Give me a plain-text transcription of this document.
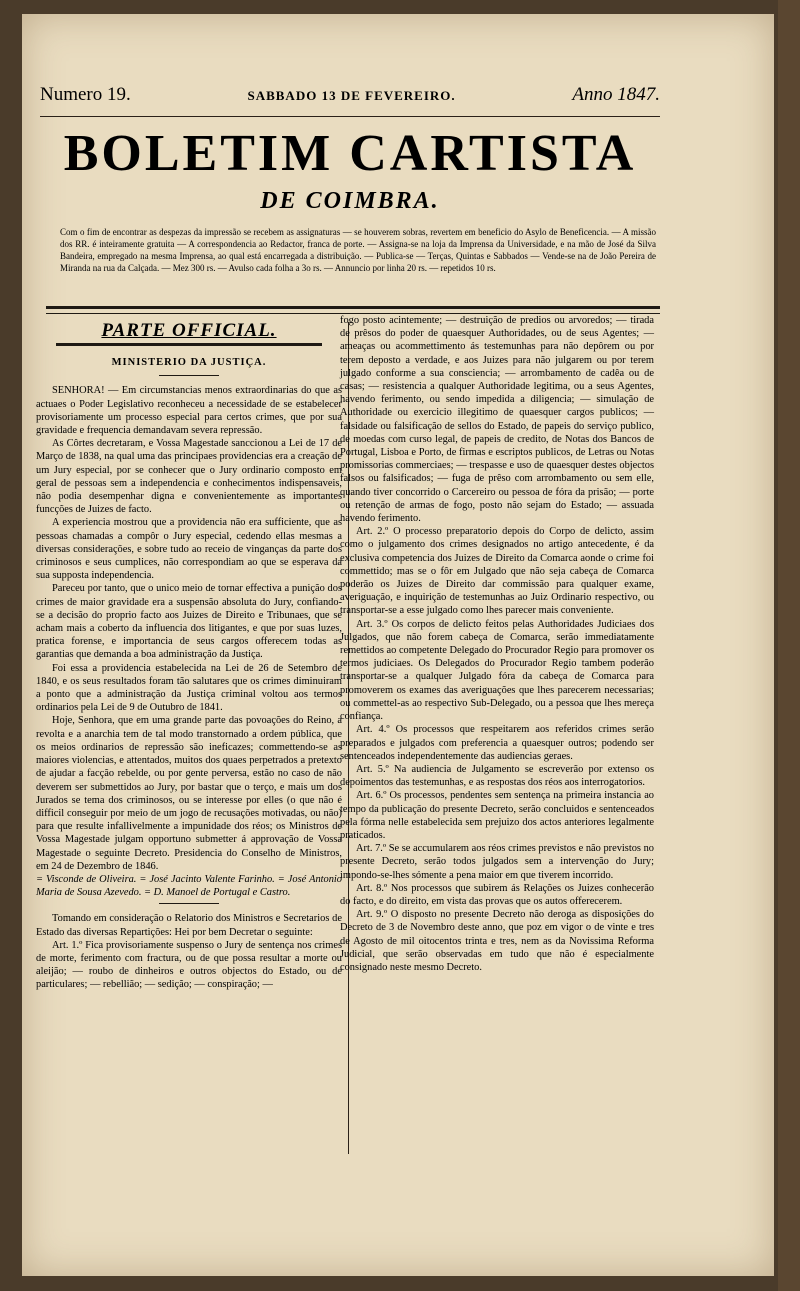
Numero 19.	SABBADO 13 DE FEVEREIRO.	Anno 1847.
BOLETIM CARTISTA
DE COIMBRA.
Com o fim de encontrar as despezas da impressão se recebem as assignaturas — se houverem sobras, revertem em beneficio do Asylo de Beneficencia. — A missão dos RR. é inteiramente gratuita — A correspondencia ao Redactor, franca de porte. — Assigna-se na loja da Imprensa da Universidade, e na mão de José da Silva Bandeira, empregado na mesma Imprensa, ao qual está encarregada a distribuição. — Publica-se — Terças, Quintas e Sabbados — Vende-se na de João Pereira de Miranda na rua da Calçada. — Mez 300 rs. — Avulso cada folha a 3o rs. — Annuncio por linha 20 rs. — repetidos 10 rs.
PARTE OFFICIAL.
MINISTERIO DA JUSTIÇA.

SENHORA! — Em circumstancias menos extraordinarias do que as actuaes o Poder Legislativo reconheceu a necessidade de se estabelecer provisoriamente um processo especial para certos crimes, que por sua gravidade e frequencia demandavam severa repressão.

As Côrtes decretaram, e Vossa Magestade sanccionou a Lei de 17 de Março de 1838, na qual uma das principaes providencias era a creação de um Jury especial, por se conhecer que o Jury ordinario composto em geral de pessoas sem a independencia e conhecimentos indispensaveis, não podia desempenhar digna e convenientemente as importantes funcções de Juizes de facto.

A experiencia mostrou que a providencia não era sufficiente, que as pessoas chamadas a compôr o Jury especial, cedendo ellas mesmas a diversas considerações, e sobre tudo ao receio de vinganças da parte dos criminosos e seus cumplices, não correspondiam ao que se esperava da sua supposta independencia.

Pareceu por tanto, que o unico meio de tornar effectiva a punição dos crimes de maior gravidade era a suspensão absoluta do Jury, confiando-se a decisão do proprio facto aos Juizes de Direito e Tribunaes, que se acham mais a coberto da influencia dos litigantes, e que por suas luzes, pratica forense, e importancia de seus cargos offerecem todas as garantias que demanda a boa administração da Justiça.

Foi essa a providencia estabelecida na Lei de 26 de Setembro de 1840, e os seus resultados foram tão salutares que os crimes diminuiram a ponto que a administração da Justiça criminal voltou aos termos ordinarios pela Lei de 9 de Outubro de 1841.

Hoje, Senhora, que em uma grande parte das povoações do Reino, a revolta e a anarchia tem de tal modo transtornado a ordem pública, que os meios ordinarios de repressão são ineficazes; commettendo-se as maiores violencias, e attentados, muitos dos quaes perpetrados a pretexto de ajudar a facção rebelde, ou por gente perversa, estão no caso de não deverem ser submettidos ao Jury, por bastar que o terço, e mais um dos Jurados se tema dos criminosos, ou se interesse por elles (o que não é difficil conseguir por meio de um jogo de recusações motivadas, ou não) para que resulte infallivelmente a impunidade dos réos; os Ministros de Vossa Magestade julgam opportuno submetter á approvação de Vossa Magestade o seguinte Decreto. Presidencia do Conselho de Ministros, em 24 de Dezembro de 1846.

= Visconde de Oliveira. = José Jacinto Valente Farinho. = José Antonio Maria de Sousa Azevedo. = D. Manoel de Portugal e Castro.

Tomando em consideração o Relatorio dos Ministros e Secretarios de Estado das diversas Repartições: Hei por bem Decretar o seguinte:

Art. 1.º Fica provisoriamente suspenso o Jury de sentença nos crimes de morte, ferimento com fractura, ou de que possa resultar a morte ou aleijão; — roubo de dinheiros e outros objectos do Estado, ou de particulares; — rebellião; — sedição; — conspiração; —

fogo posto acintemente; — destruição de predios ou arvoredos; — tirada de prêsos do poder de quaesquer Authoridades, ou de seus Agentes; — ameaças ou acommettimento ás testemunhas para não depôrem ou por terem deposto a verdade, e aos Juizes para não julgarem ou por terem julgado conforme a sua consciencia; — arrombamento de cadêa ou de casas; — resistencia a qualquer Authoridade legitima, ou a seus Agentes, havendo ferimento, ou sendo impedida a diligencia; — simulação de Authoridade ou exercicio illegitimo de quaesquer cargos publicos; — falsidade ou falsificação de sellos do Estado, de papeis do serviço publico, de moedas com curso legal, de papeis de credito, de Notas dos Bancos de Portugal, Lisboa e Porto, de firmas e escriptos publicos, de Letras ou Notas promissorias commerciaes; — trespasse e uso de quaesquer destes objectos falsos ou falsificados; — fuga de prêso com arrombamento ou sem elle, quando tiver concorrido o Carcereiro ou pessoa de fóra da prisão; — porte ou retenção de armas de fogo, posto não sejam do Estado; — assuada havendo ferimento.

Art. 2.º O processo preparatorio depois do Corpo de delicto, assim como o julgamento dos crimes designados no artigo antecedente, é da exclusiva competencia dos Juizes de Direito da Comarca aonde o crime foi commettido; mas se o fôr em Julgado que não seja cabeça de Comarca poderão os Juizes de Direito dar commissão para qualquer exame, averiguação, e inquirição de testemunhas ao Juiz Ordinario respectivo, ou transportar-se a esse julgado como lhes parecer mais conveniente.

Art. 3.º Os corpos de delicto feitos pelas Authoridades Judiciaes dos Julgados, que não forem cabeça de Comarca, serão immediatamente remettidos ao competente Delegado do Procurador Regio para promover os termos judiciaes. Os Delegados do Procurador Regio tambem poderão transportar-se a qualquer Julgado fóra da cabeça de Comarca para promoverem os exames das averiguações que lhes parecerem necessarias; ou commettel-as ao respectivo Sub-Delegado, ou a pessoa que lhes mereça confiança.

Art. 4.º Os processos que respeitarem aos referidos crimes serão preparados e julgados com preferencia a quaesquer outros; podendo ser sentenceados independentemente das audiencias geraes.

Art. 5.º Na audiencia de Julgamento se escreverão por extenso os depoimentos das testemunhas, e as respostas dos réos aos interrogatorios.

Art. 6.º Os processos, pendentes sem sentença na primeira instancia ao tempo da publicação do presente Decreto, serão concluidos e sentenceados pela fórma nelle estabelecida sem prejuizo dos actos anteriores legalmente praticados.

Art. 7.º Se se accumularem aos réos crimes previstos e não previstos no presente Decreto, serão todos julgados sem a intervenção do Jury; impondo-se-lhes sómente a pena maior em que tiverem incorrido.

Art. 8.º Nos processos que subirem ás Relações os Juizes conhecerão do facto, e do direito, em vista das provas que os autos offerecerem.

Art. 9.º O disposto no presente Decreto não deroga as disposições do Decreto de 3 de Novembro deste anno, que poz em vigor o de vinte e tres de Agosto de mil oitocentos trinta e tres, nem as da Novissima Reforma Judicial, que serão observadas em tudo que não é especialmente consignado neste mesmo Decreto.
